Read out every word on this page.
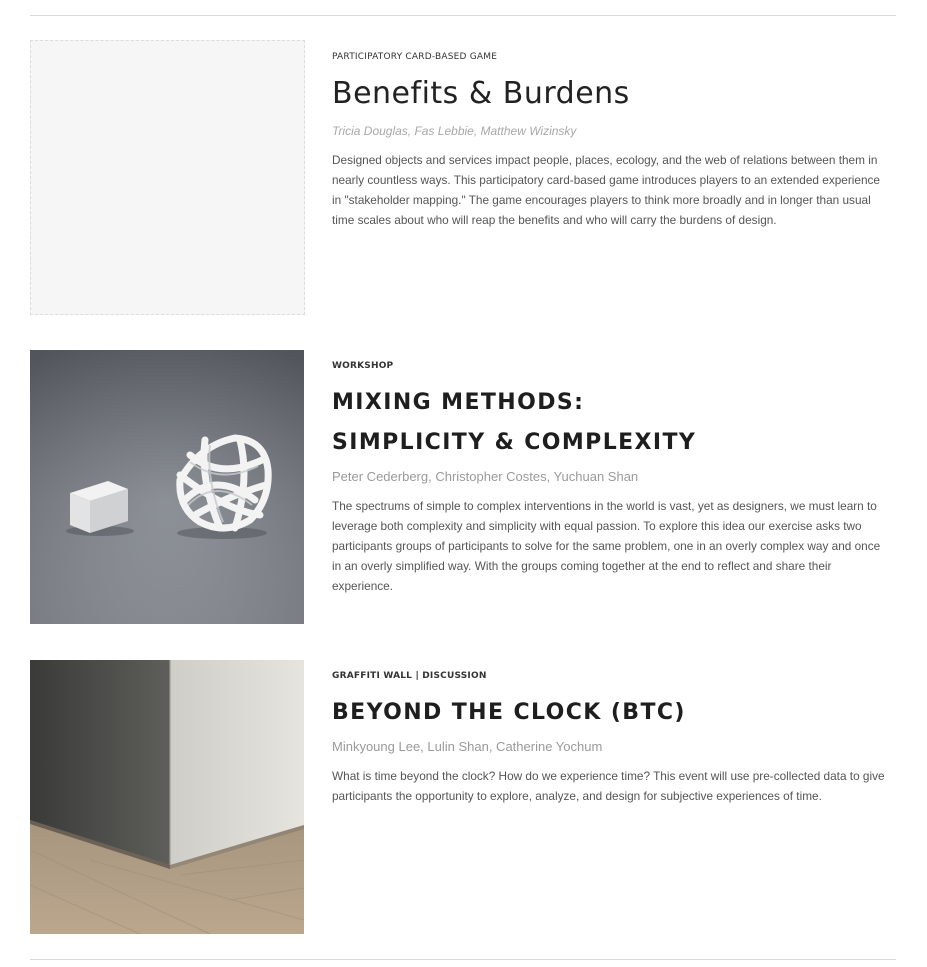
PARTICIPATORY CARD-BASED GAME

Benefits & Burdens

Tricia Douglas, Fas Lebbie, Matthew Wizinsky

Designed objects and services impact people, places, ecology, and the web of relations between them in nearly countless ways. This participatory card-based game introduces players to an extended experience in "stakeholder mapping." The game encourages players to think more broadly and in longer than usual time scales about who will reap the benefits and who will carry the burdens of design.

WORKSHOP

MIXING METHODS:
SIMPLICITY & COMPLEXITY

Peter Cederberg, Christopher Costes, Yuchuan Shan

The spectrums of simple to complex interventions in the world is vast, yet as designers, we must learn to leverage both complexity and simplicity with equal passion. To explore this idea our exercise asks two participants groups of participants to solve for the same problem, one in an overly complex way and once in an overly simplified way. With the groups coming together at the end to reflect and share their experience.

GRAFFITI WALL | DISCUSSION

BEYOND THE CLOCK (BTC)

Minkyoung Lee, Lulin Shan, Catherine Yochum

What is time beyond the clock? How do we experience time? This event will use pre-collected data to give participants the opportunity to explore, analyze, and design for subjective experiences of time.
